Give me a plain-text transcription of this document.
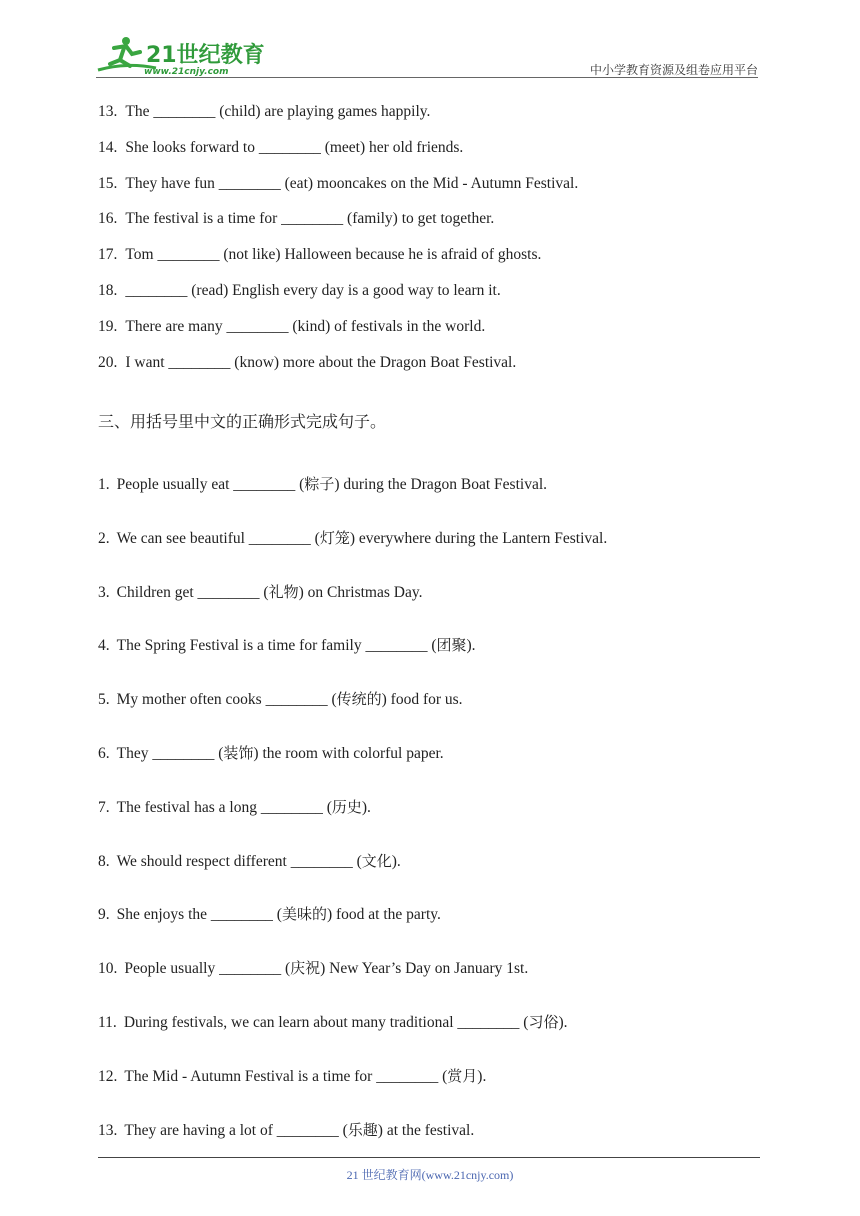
21世纪教育
www.21cnjy.com	中小学教育资源及组卷应用平台
13. The ________ (child) are playing games happily.
14. She looks forward to ________ (meet) her old friends.
15. They have fun ________ (eat) mooncakes on the Mid - Autumn Festival.
16. The festival is a time for ________ (family) to get together.
17. Tom ________ (not like) Halloween because he is afraid of ghosts.
18. ________ (read) English every day is a good way to learn it.
19. There are many ________ (kind) of festivals in the world.
20. I want ________ (know) more about the Dragon Boat Festival.
三、用括号里中文的正确形式完成句子。
1. People usually eat ________ (粽子) during the Dragon Boat Festival.
2. We can see beautiful ________ (灯笼) everywhere during the Lantern Festival.
3. Children get ________ (礼物) on Christmas Day.
4. The Spring Festival is a time for family ________ (团聚).
5. My mother often cooks ________ (传统的) food for us.
6. They ________ (装饰) the room with colorful paper.
7. The festival has a long ________ (历史).
8. We should respect different ________ (文化).
9. She enjoys the ________ (美味的) food at the party.
10. People usually ________ (庆祝) New Year’s Day on January 1st.
11. During festivals, we can learn about many traditional ________ (习俗).
12. The Mid - Autumn Festival is a time for ________ (赏月).
13. They are having a lot of ________ (乐趣) at the festival.
21 世纪教育网(www.21cnjy.com)
